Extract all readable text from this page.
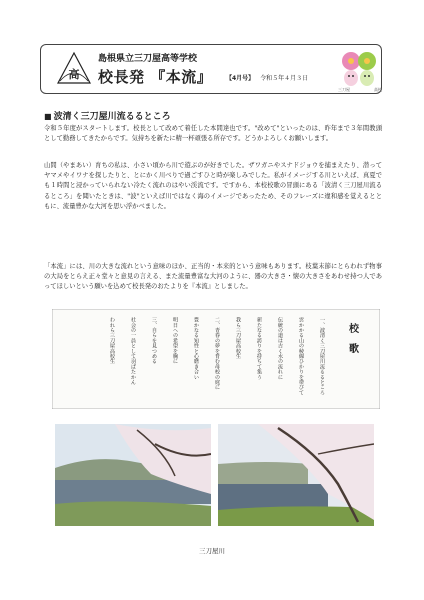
高
島根県立三刀屋高等学校
校長発 『本流』 【4月号】 令和５年４月３日
三刀屋	高校
■ 波清く三刀屋川流るるところ

令和５年度がスタートします。校長として改めて着任した本間達也です。"改めて"といったのは、昨年まで３年間教頭として勤務してきたからです。気持ちを新たに精一杯頑張る所存です。どうかよろしくお願いします。

山間（やまあい）育ちの私は、小さい頃から川で遊ぶのが好きでした。ザワガニやスナドジョウを捕まえたり、潜ってヤマメやイワナを探したりと、とにかく川べりで過ごすひと時が楽しみでした。私がイメージする川といえば、真夏でも１時間と浸かっていられない冷たく流れのはやい渓流です。ですから、本校校歌の冒頭にある「波清く三刀屋川流るるところ」を聞いたときは、"波"といえば川ではなく海のイメージであったため、そのフレーズに違和感を覚えるとともに、流量豊かな大河を思い浮かべました。

「本流」には、川の大きな流れという意味のほか、正当的・本来的という意味もあります。枝葉末節にとらわれず物事の大局をとらえ正々堂々と意見の言える、また流量豊富な大河のように、器の大きさ・懐の大きさをあわせ持つ人であってほしいという願いを込めて校長発のおたよりを『本流』としました。

校　歌
一、波清く三刀屋川流るるところ
雲かかる山の稜線ひかりを帯びて
伝統の道は古く水の流れに
新たなる誇りを持ちて集う
我ら三刀屋高校生
二、青春の夢を育む母校の庭に
豊かなる知性と心磨き合い
明日への希望を胸に
三、自らを見つめる
社会の一員として羽ばたかん
われら三刀屋高校生
三刀屋川
